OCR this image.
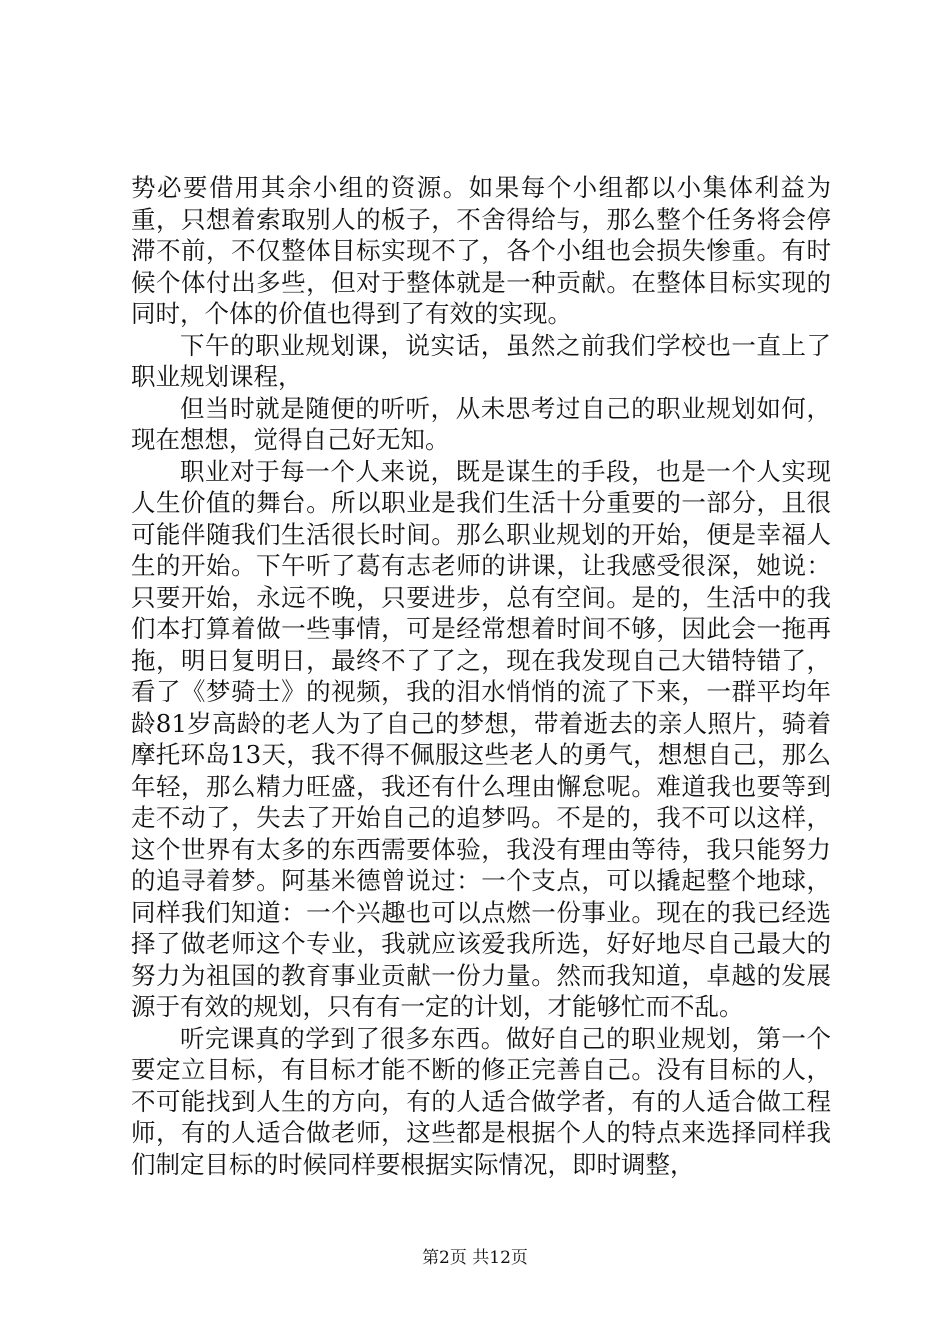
势必要借用其余小组的资源。如果每个小组都以小集体利益为重，只想着索取别人的板子，不舍得给与，那么整个任务将会停滞不前，不仅整体目标实现不了，各个小组也会损失惨重。有时候个体付出多些，但对于整体就是一种贡献。在整体目标实现的同时，个体的价值也得到了有效的实现。

下午的职业规划课，说实话，虽然之前我们学校也一直上了职业规划课程，

但当时就是随便的听听，从未思考过自己的职业规划如何，现在想想，觉得自己好无知。

职业对于每一个人来说，既是谋生的手段，也是一个人实现人生价值的舞台。所以职业是我们生活十分重要的一部分，且很可能伴随我们生活很长时间。那么职业规划的开始，便是幸福人生的开始。下午听了葛有志老师的讲课，让我感受很深，她说：只要开始，永远不晚，只要进步，总有空间。是的，生活中的我们本打算着做一些事情，可是经常想着时间不够，因此会一拖再拖，明日复明日，最终不了了之，现在我发现自己大错特错了，看了《梦骑士》的视频，我的泪水悄悄的流了下来，一群平均年龄81岁高龄的老人为了自己的梦想，带着逝去的亲人照片，骑着摩托环岛13天，我不得不佩服这些老人的勇气，想想自己，那么年轻，那么精力旺盛，我还有什么理由懈怠呢。难道我也要等到走不动了，失去了开始自己的追梦吗。不是的，我不可以这样，这个世界有太多的东西需要体验，我没有理由等待，我只能努力的追寻着梦。阿基米德曾说过：一个支点，可以撬起整个地球，同样我们知道：一个兴趣也可以点燃一份事业。现在的我已经选择了做老师这个专业，我就应该爱我所选，好好地尽自己最大的努力为祖国的教育事业贡献一份力量。然而我知道，卓越的发展源于有效的规划，只有有一定的计划，才能够忙而不乱。

听完课真的学到了很多东西。做好自己的职业规划，第一个要定立目标，有目标才能不断的修正完善自己。没有目标的人，不可能找到人生的方向，有的人适合做学者，有的人适合做工程师，有的人适合做老师，这些都是根据个人的特点来选择同样我们制定目标的时候同样要根据实际情况，即时调整，

第2页 共12页
